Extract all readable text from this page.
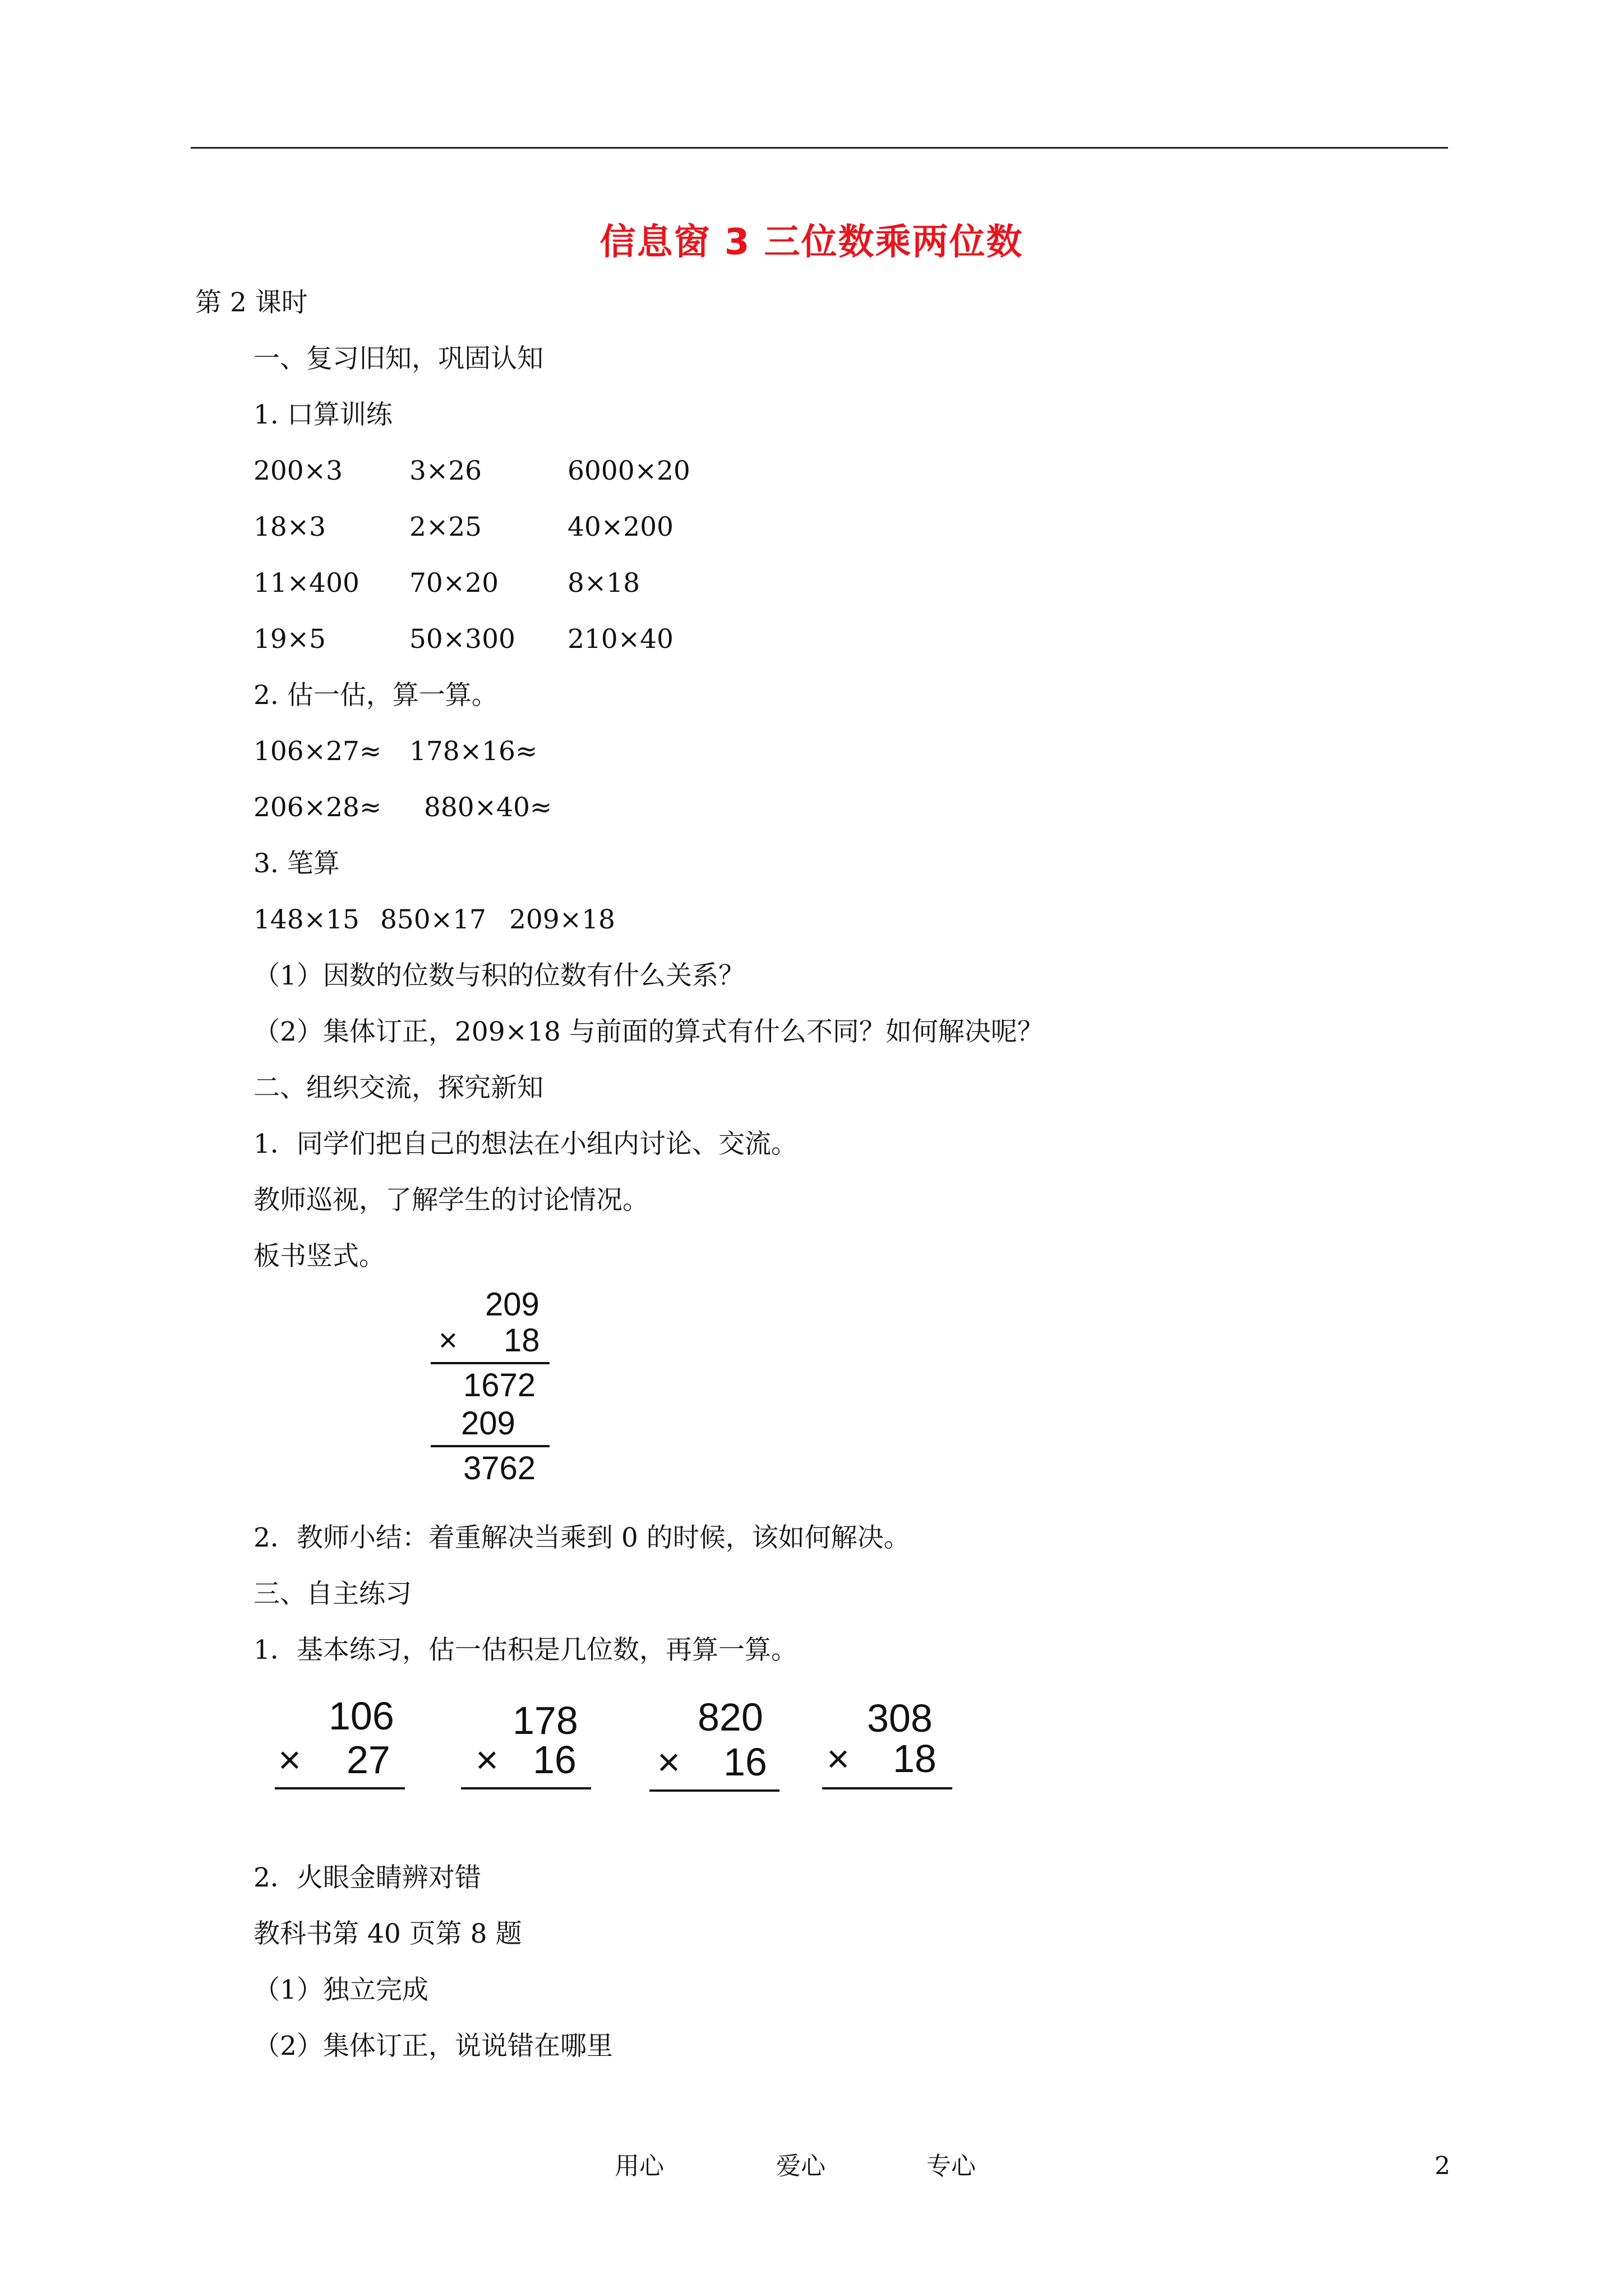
信息窗 3 三位数乘两位数
第 2 课时
一、复习旧知，巩固认知
1. 口算训练
200×3	3×26	6000×20
18×3	2×25	40×200
11×400 70×20	8×18
19×5	50×300 210×40
2. 估一估，算一算。
106×27≈ 178×16≈
206×28≈ 880×40≈
3. 笔算
148×15 850×17 209×18
（1）因数的位数与积的位数有什么关系？
（2）集体订正，209×18 与前面的算式有什么不同？如何解决呢？
二、组织交流，探究新知
1．同学们把自己的想法在小组内讨论、交流。
教师巡视，了解学生的讨论情况。
板书竖式。
209
× 18
1672
209
3762
2．教师小结：着重解决当乘到 0 的时候，该如何解决。
三、自主练习
1．基本练习，估一估积是几位数，再算一算。
106
× 27
178
× 16
820
× 16
308
× 18
2．火眼金睛辨对错
教科书第 40 页第 8 题
（1）独立完成
（2）集体订正，说说错在哪里
用心	爱心	专心	2
